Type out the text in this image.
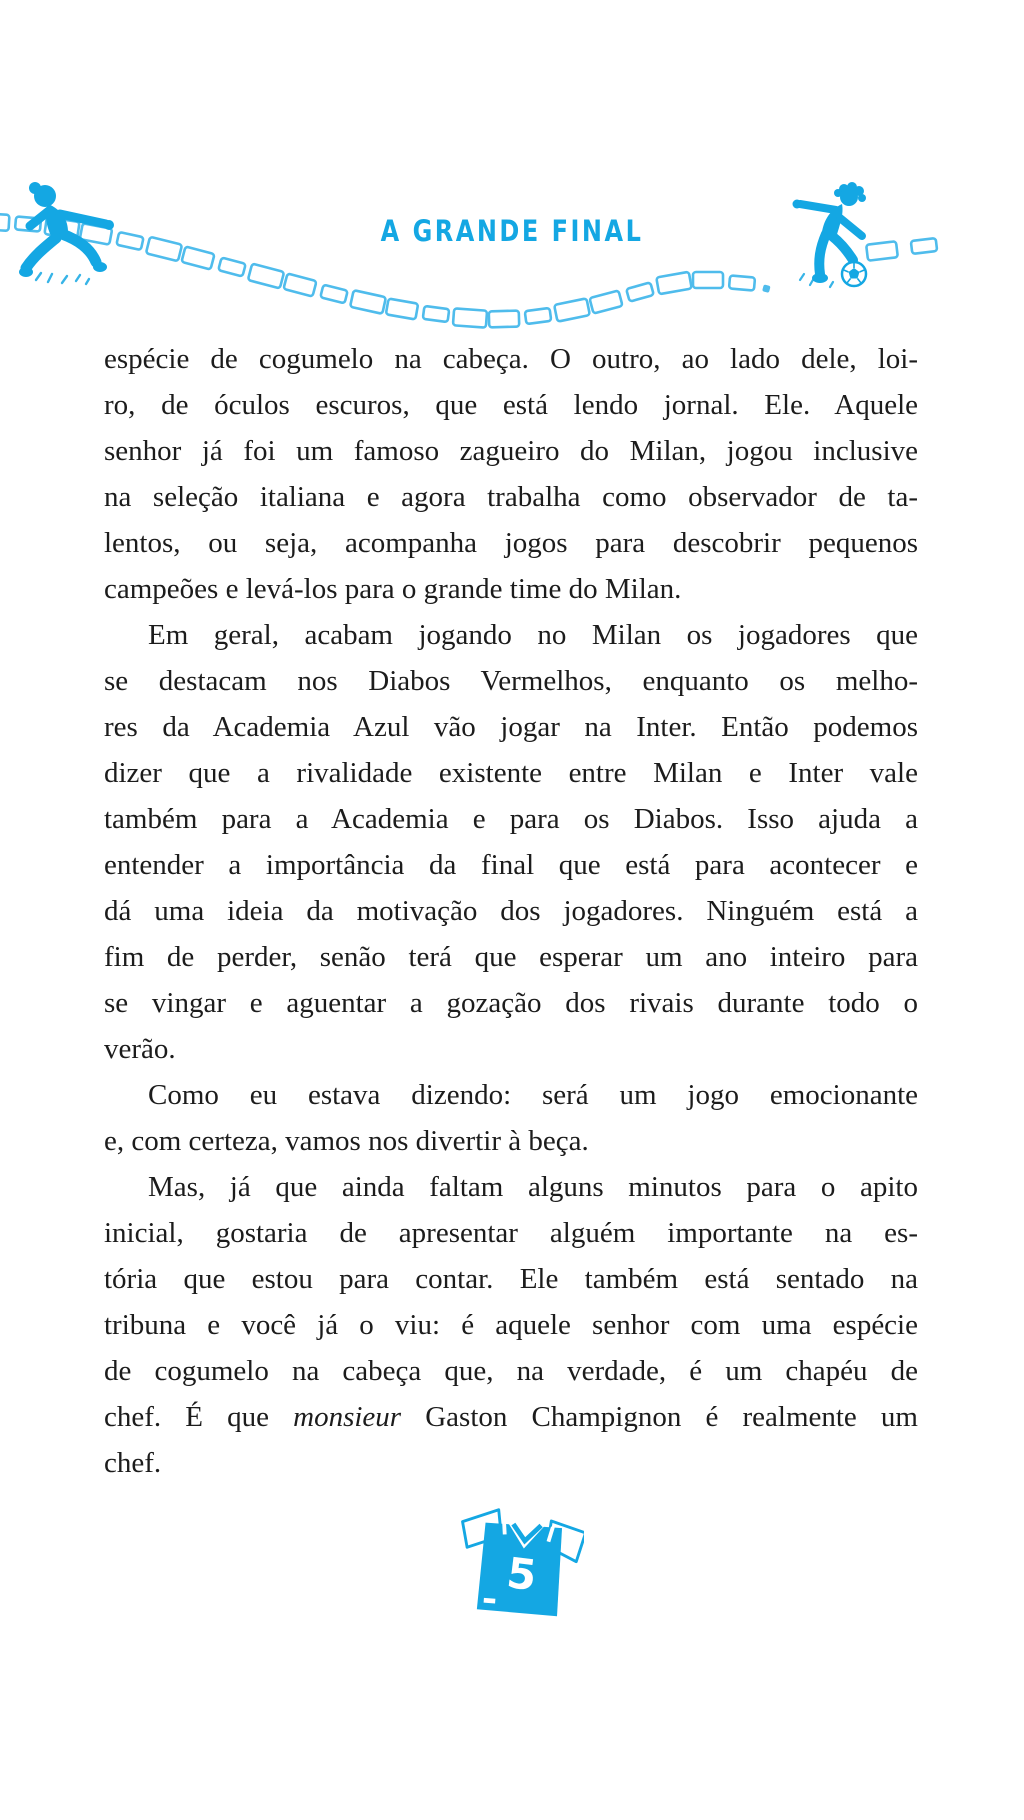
A GRANDE FINAL
espécie de cogumelo na cabeça. O outro, ao lado dele, loi-
ro, de óculos escuros, que está lendo jornal. Ele. Aquele
senhor já foi um famoso zagueiro do Milan, jogou inclusive
na seleção italiana e agora trabalha como observador de ta-
lentos, ou seja, acompanha jogos para descobrir pequenos
campeões e levá-los para o grande time do Milan.
Em geral, acabam jogando no Milan os jogadores que
se destacam nos Diabos Vermelhos, enquanto os melho-
res da Academia Azul vão jogar na Inter. Então podemos
dizer que a rivalidade existente entre Milan e Inter vale
também para a Academia e para os Diabos. Isso ajuda a
entender a importância da final que está para acontecer e
dá uma ideia da motivação dos jogadores. Ninguém está a
fim de perder, senão terá que esperar um ano inteiro para
se vingar e aguentar a gozação dos rivais durante todo o
verão.
Como eu estava dizendo: será um jogo emocionante
e, com certeza, vamos nos divertir à beça.
Mas, já que ainda faltam alguns minutos para o apito
inicial, gostaria de apresentar alguém importante na es-
tória que estou para contar. Ele também está sentado na
tribuna e você já o viu: é aquele senhor com uma espécie
de cogumelo na cabeça que, na verdade, é um chapéu de
chef. É que monsieur Gaston Champignon é realmente um
chef.
5
